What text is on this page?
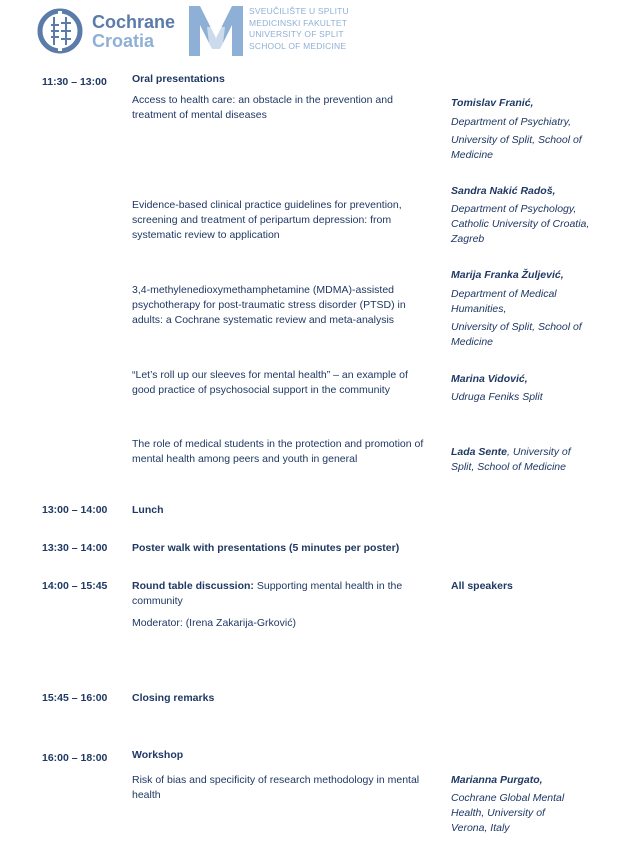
Cochrane
Croatia
SVEUČILIŠTE U SPLITU
MEDICINSKI FAKULTET
UNIVERSITY OF SPLIT
SCHOOL OF MEDICINE
11:30 – 13:00 Oral presentations
Access to health care: an obstacle in the prevention and treatment of mental diseases
Tomislav Franić,
Department of Psychiatry,
University of Split, School of Medicine
Evidence-based clinical practice guidelines for prevention, screening and treatment of peripartum depression: from systematic review to application
Sandra Nakić Radoš,
Department of Psychology, Catholic University of Croatia, Zagreb
3,4-methylenedioxymethamphetamine (MDMA)-assisted psychotherapy for post-traumatic stress disorder (PTSD) in adults: a Cochrane systematic review and meta-analysis
Marija Franka Žuljević,
Department of Medical Humanities,
University of Split, School of Medicine
“Let’s roll up our sleeves for mental health” – an example of good practice of psychosocial support in the community
Marina Vidović,
Udruga Feniks Split
The role of medical students in the protection and promotion of mental health among peers and youth in general
Lada Sente, University of Split, School of Medicine
13:00 – 14:00 Lunch
13:30 – 14:00 Poster walk with presentations (5 minutes per poster)
14:00 – 15:45 Round table discussion: Supporting mental health in the community
Moderator: (Irena Zakarija-Grković)
All speakers
15:45 – 16:00 Closing remarks
16:00 – 18:00 Workshop
Risk of bias and specificity of research methodology in mental health
Marianna Purgato,
Cochrane Global Mental Health, University of Verona, Italy
